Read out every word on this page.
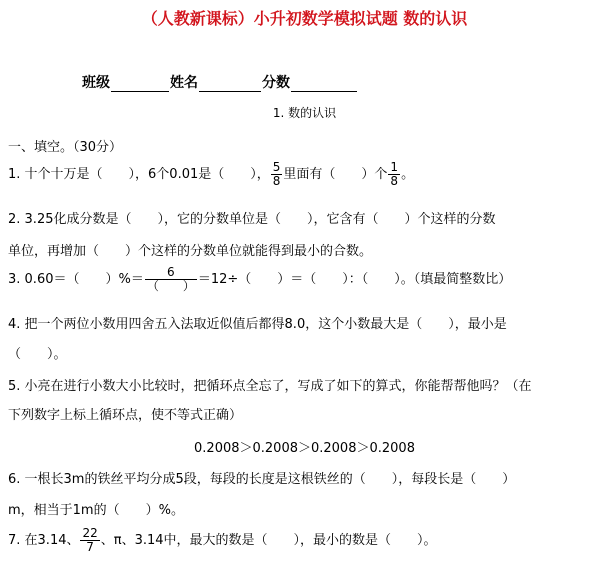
（人教新课标）小升初数学模拟试题 数的认识
班级	姓名	分数
1. 数的认识
一、填空。（30分）
1. 十个十万是（　　），6个0.01是（　　）， $\frac{5}{8}$ 里面有（　　）个 $\frac{1}{8}$ 。
2. 3.25化成分数是（　　），它的分数单位是（　　），它含有（　　）个这样的分数
单位，再增加（　　）个这样的分数单位就能得到最小的合数。
3. 0.60＝（　　）%＝ $\frac{6}{( )} =12\div$（　　）＝（　　）：（　　）。（填最简整数比）
4. 把一个两位小数用四舍五入法取近似值后都得8.0，这个小数最大是（　　），最小是
（　　）。
5. 小亮在进行小数大小比较时，把循环点全忘了，写成了如下的算式，你能帮帮他吗？（在
下列数字上标上循环点，使不等式正确）
0.2008＞0.2008＞0.2008＞0.2008
6. 一根长3m的铁丝平均分成5段，每段的长度是这根铁丝的（　　），每段长是（　　）
m，相当于1m的（　　）%。
7. 在3.14、 $\frac{22}{7}$ 、π、3.14中，最大的数是（　　），最小的数是（　　）。
